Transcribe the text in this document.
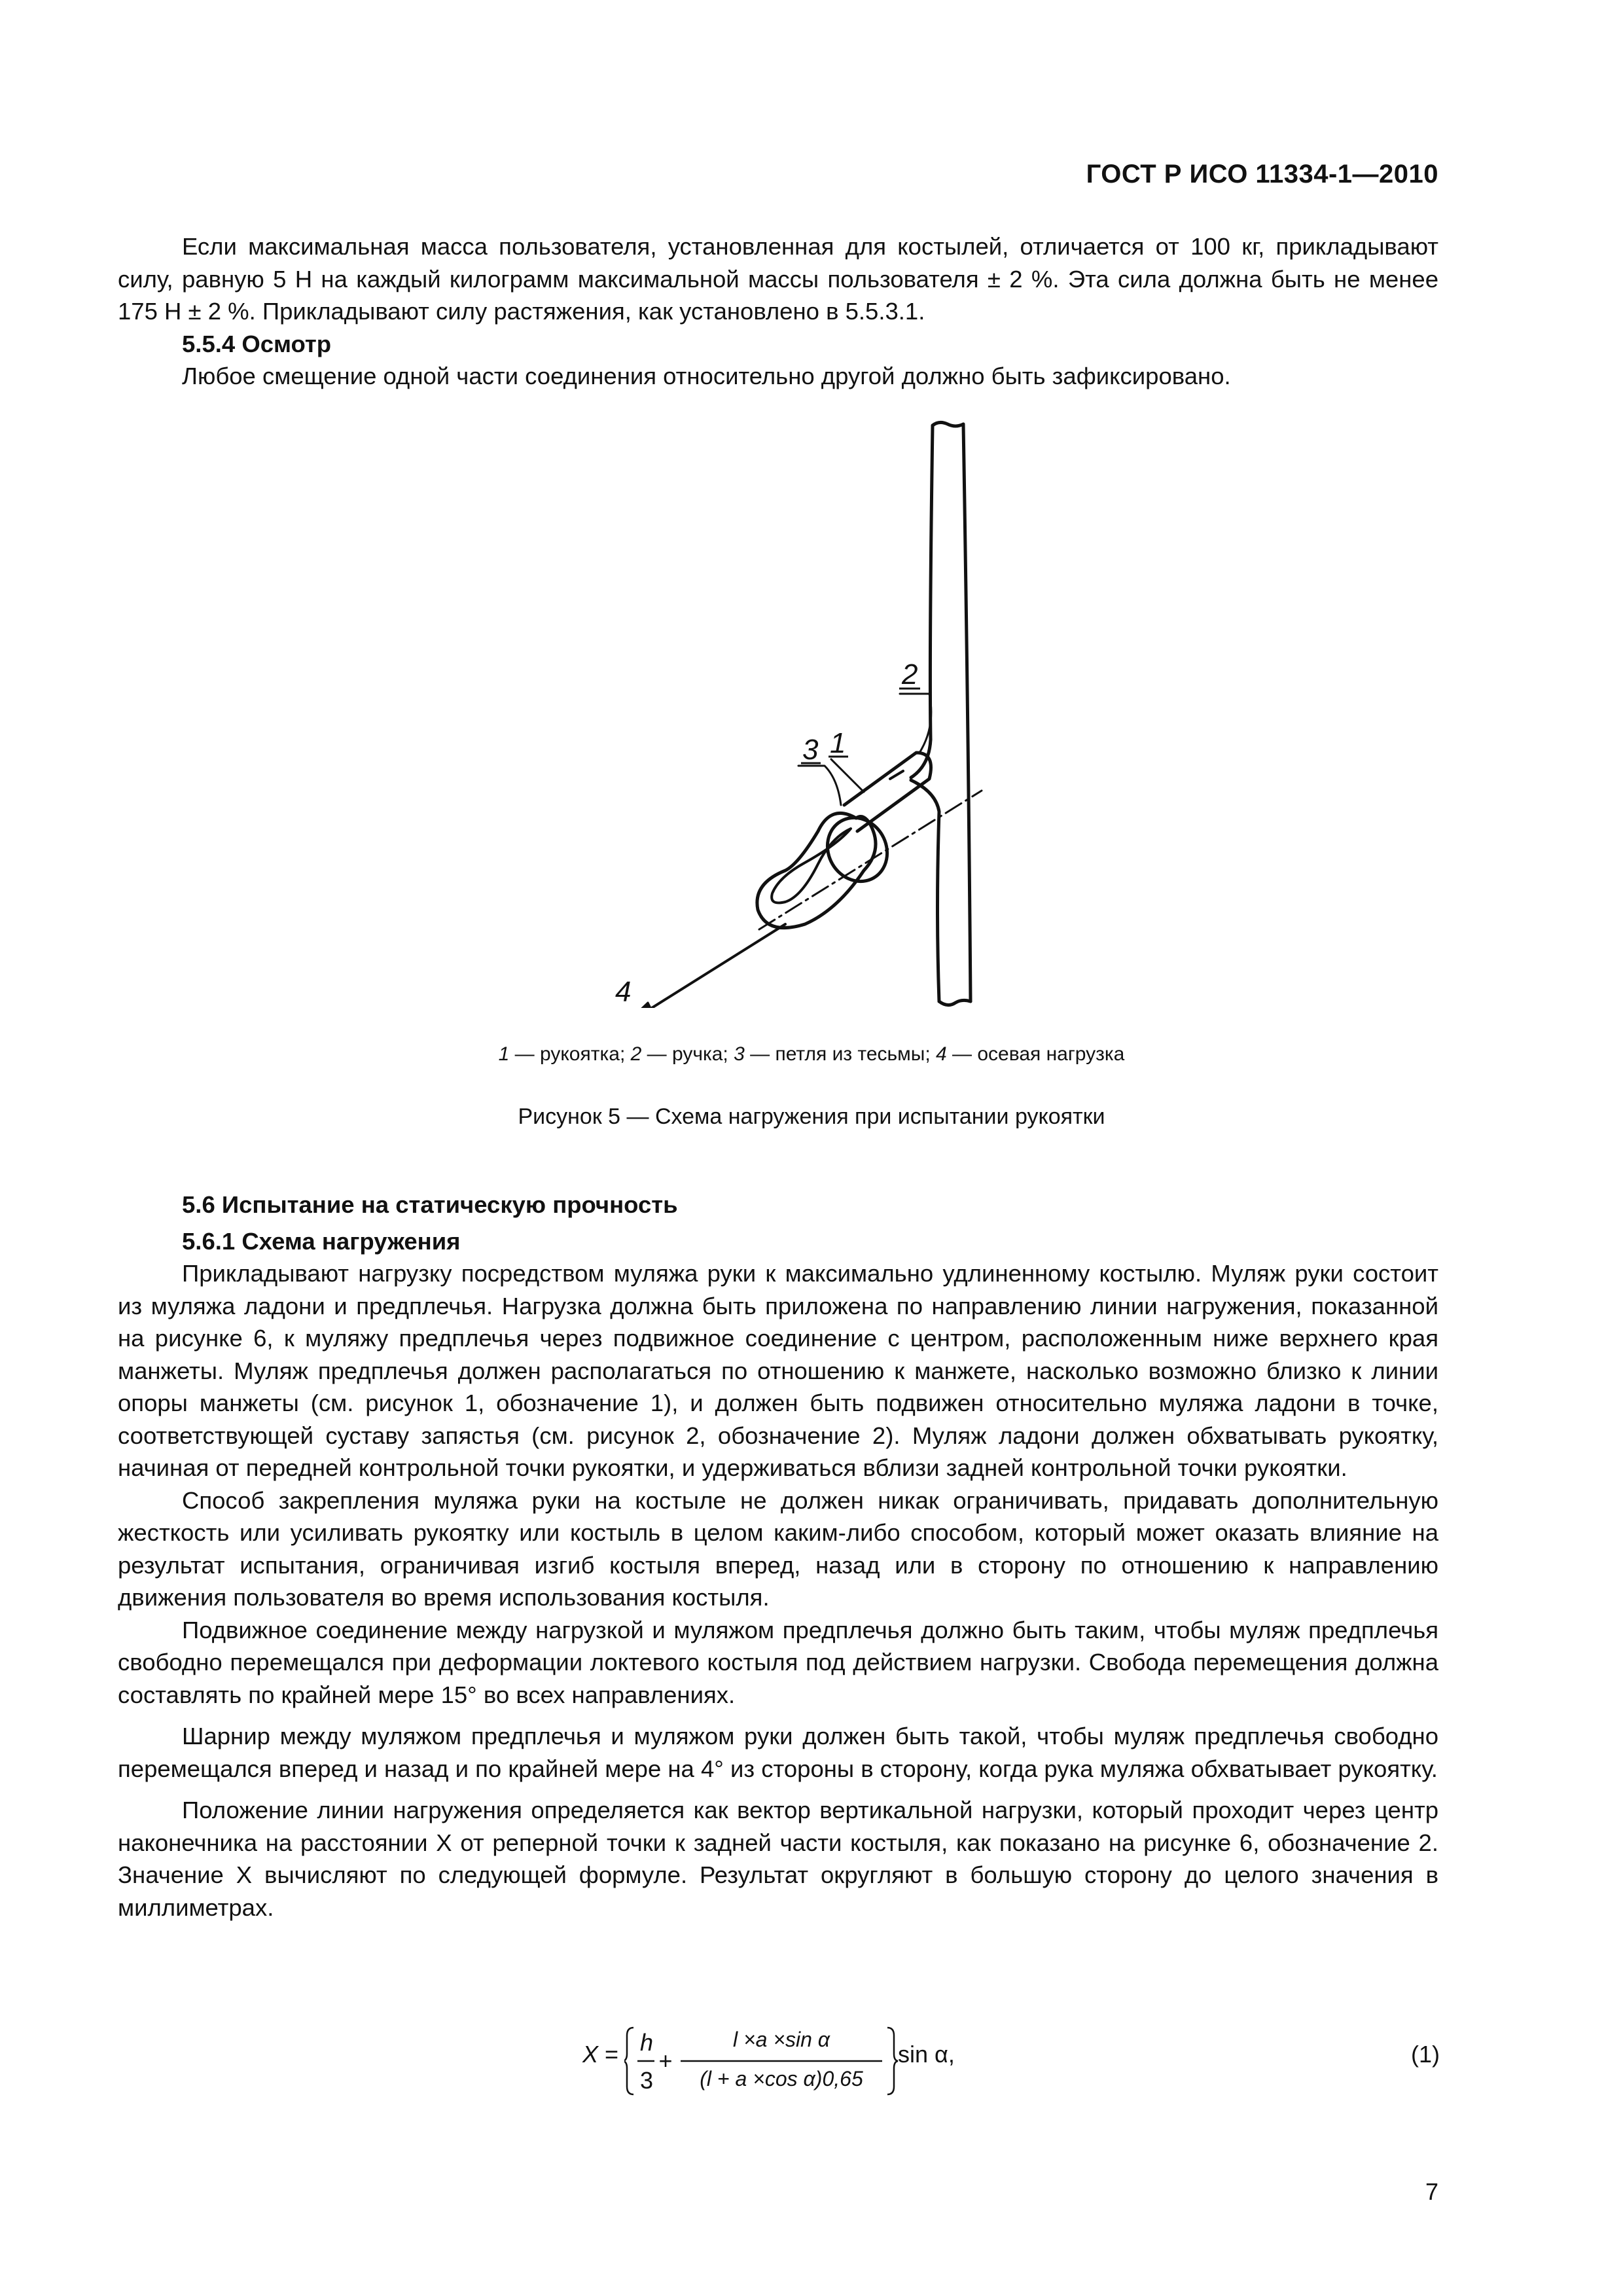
ГОСТ Р ИСО 11334-1—2010

Если максимальная масса пользователя, установленная для костылей, отличается от 100 кг, прикладывают силу, равную 5 Н на каждый килограмм максимальной массы пользователя ± 2 %. Эта сила должна быть не менее 175 Н ± 2 %. Прикладывают силу растяжения, как установлено в 5.5.3.1.

5.5.4 Осмотр

Любое смещение одной части соединения относительно другой должно быть зафиксировано.

1
2
3
4
1 — рукоятка; 2 — ручка; 3 — петля из тесьмы; 4 — осевая нагрузка
Рисунок 5 — Схема нагружения при испытании рукоятки
5.6 Испытание на статическую прочность
5.6.1 Схема нагружения

Прикладывают нагрузку посредством муляжа руки к максимально удлиненному костылю. Муляж руки состоит из муляжа ладони и предплечья. Нагрузка должна быть приложена по направлению линии нагружения, показанной на рисунке 6, к муляжу предплечья через подвижное соединение с центром, расположенным ниже верхнего края манжеты. Муляж предплечья должен располагаться по отношению к манжете, насколько возможно близко к линии опоры манжеты (см. рисунок 1, обозначение 1), и должен быть подвижен относительно муляжа ладони в точке, соответствующей суставу запястья (см. рисунок 2, обозначение 2). Муляж ладони должен обхватывать рукоятку, начиная от передней контрольной точки рукоятки, и удерживаться вблизи задней контрольной точки рукоятки.

Способ закрепления муляжа руки на костыле не должен никак ограничивать, придавать дополнительную жесткость или усиливать рукоятку или костыль в целом каким-либо способом, который может оказать влияние на результат испытания, ограничивая изгиб костыля вперед, назад или в сторону по отношению к направлению движения пользователя во время использования костыля.

Подвижное соединение между нагрузкой и муляжом предплечья должно быть таким, чтобы муляж предплечья свободно перемещался при деформации локтевого костыля под действием нагрузки. Свобода перемещения должна составлять по крайней мере 15° во всех направлениях.

Шарнир между муляжом предплечья и муляжом руки должен быть такой, чтобы муляж предплечья свободно перемещался вперед и назад и по крайней мере на 4° из стороны в сторону, когда рука муляжа обхватывает рукоятку.

Положение линии нагружения определяется как вектор вертикальной нагрузки, который проходит через центр наконечника на расстоянии X от реперной точки к задней части костыля, как показано на рисунке 6, обозначение 2. Значение X вычисляют по следующей формуле. Результат округляют в большую сторону до целого значения в миллиметрах.

X = h
3
+
l ×a ×sin α
(l + a ×cos α)0,65
sin α,	(1)
7
